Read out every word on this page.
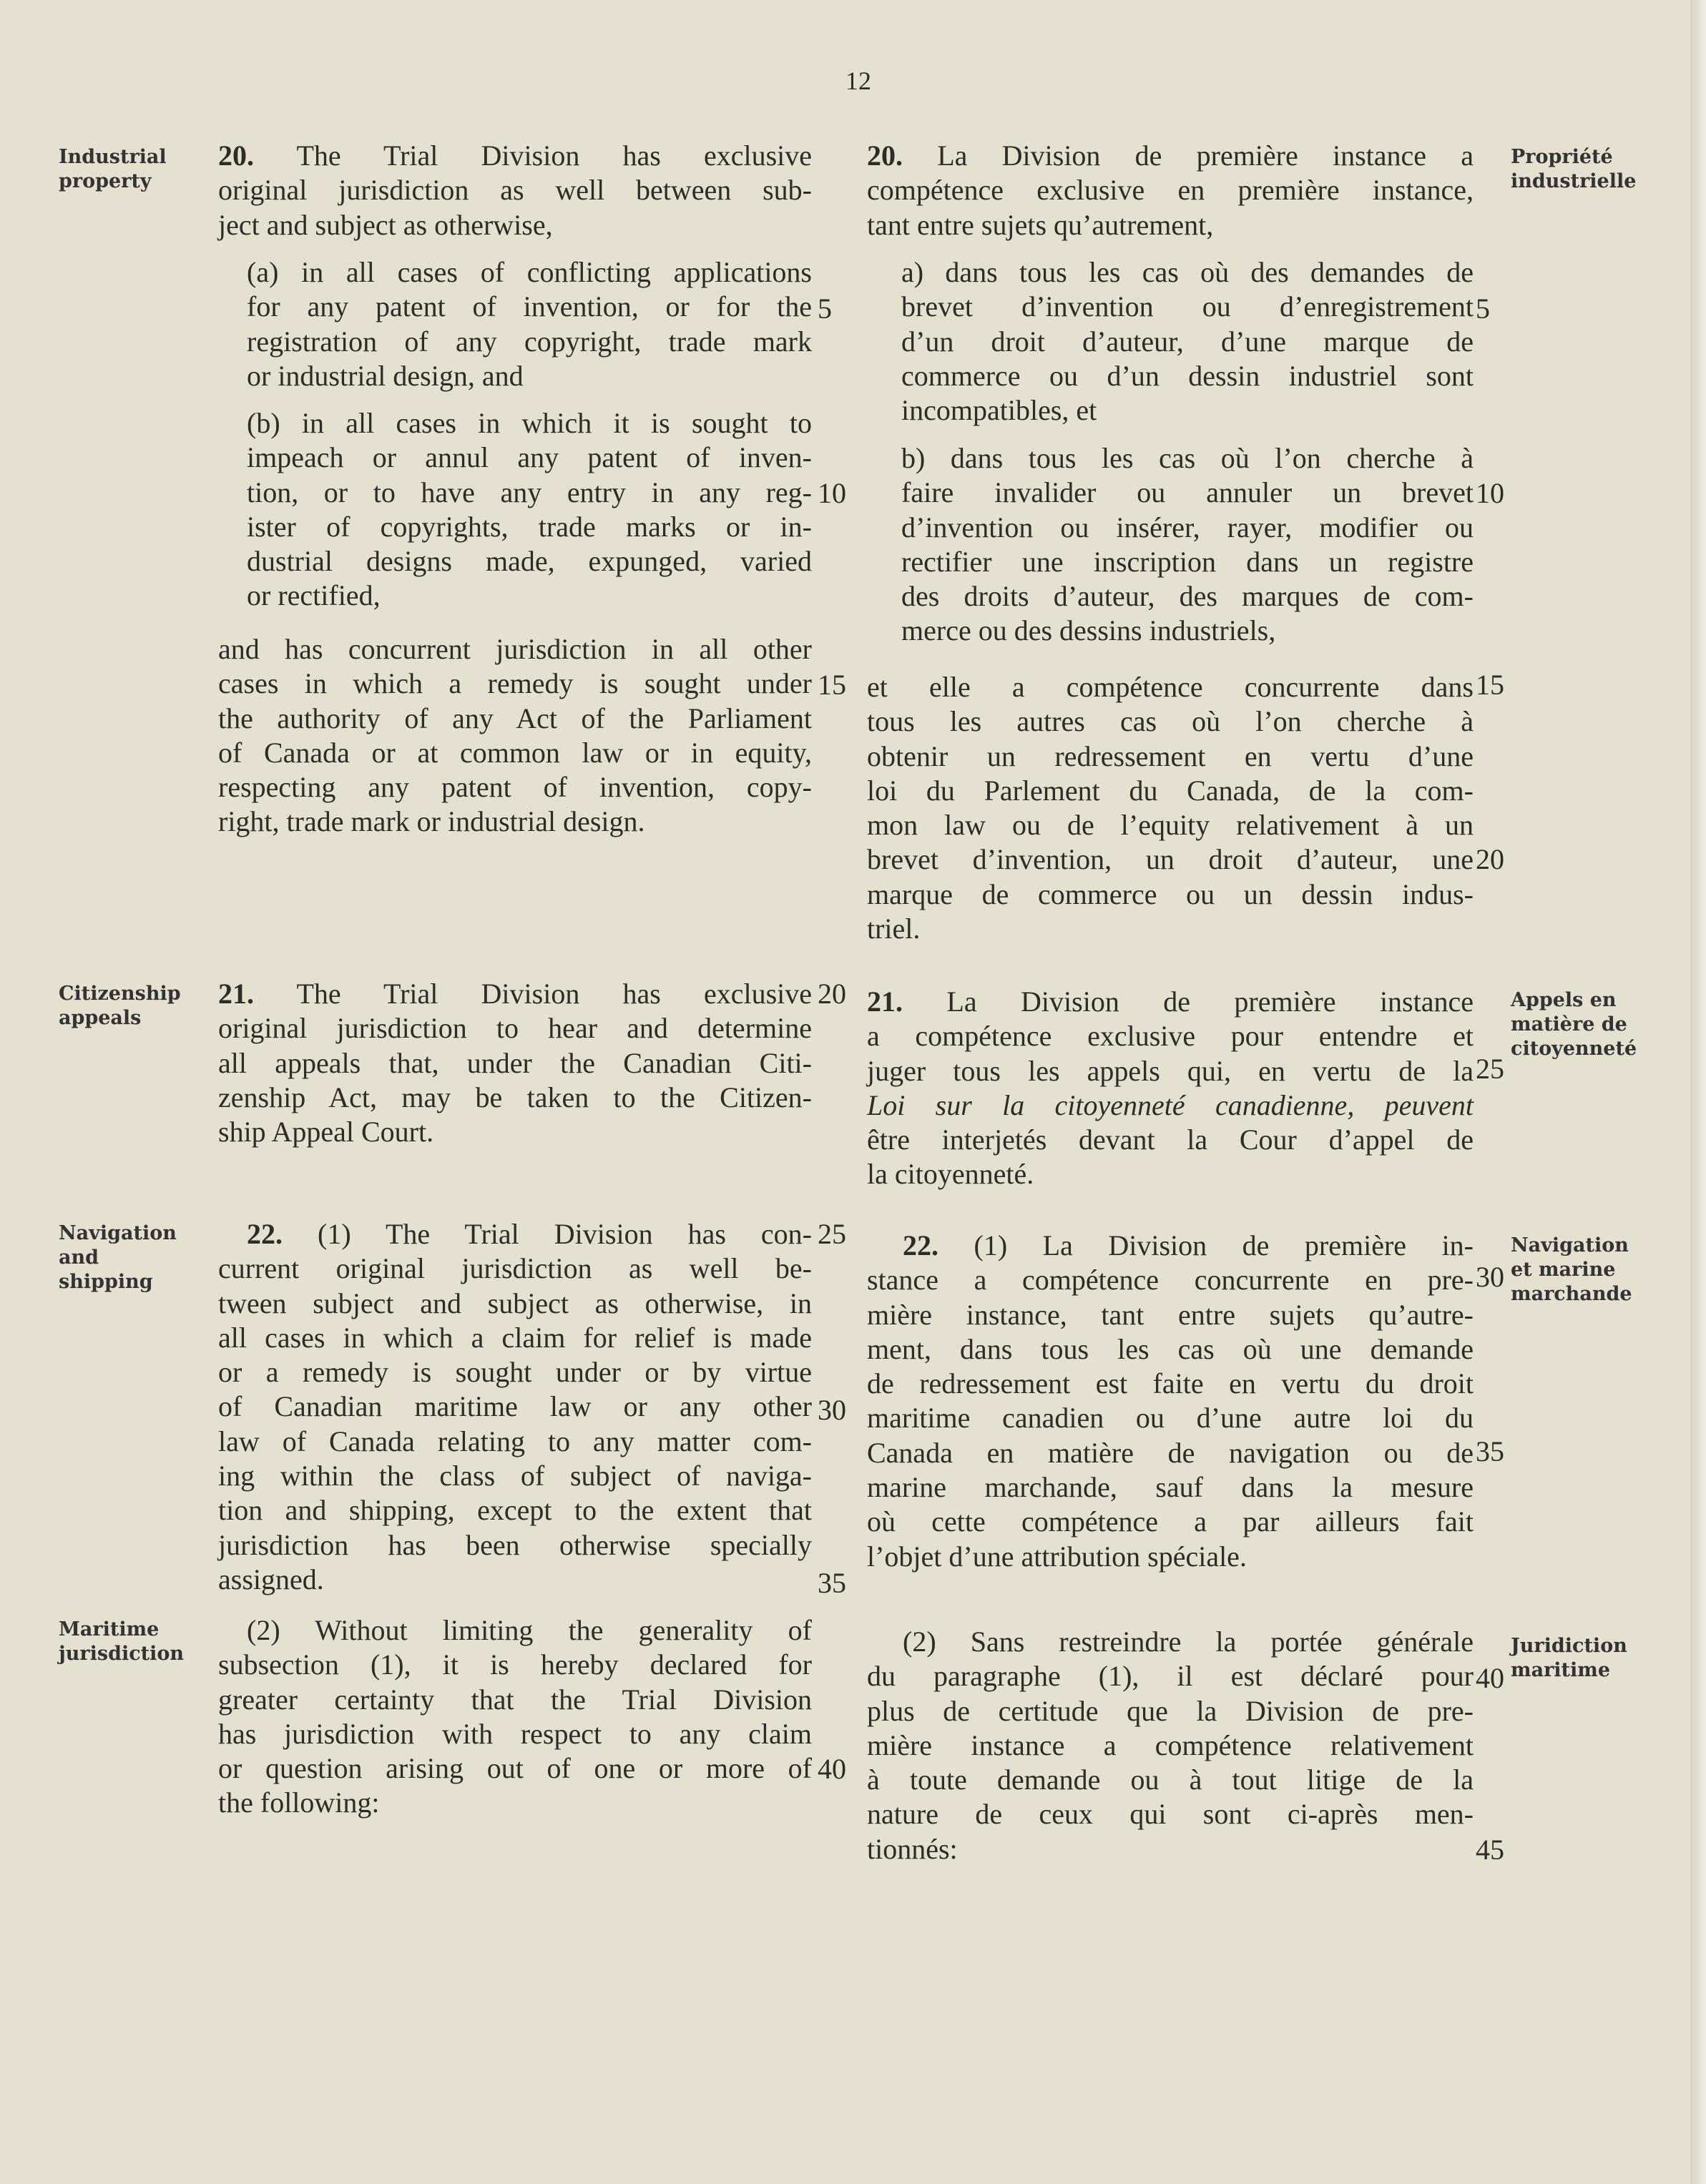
12
Industrial
property
Citizenship
appeals
Navigation
and
shipping
Maritime
jurisdiction
Propriété
industrielle
Appels en
matière de
citoyenneté
Navigation
et marine
marchande
Juridiction
maritime
20. The Trial Division has exclusive
original jurisdiction as well between sub-
ject and subject as otherwise,
(a) in all cases of conflicting applications
for any patent of invention, or for the
registration of any copyright, trade mark
or industrial design, and
(b) in all cases in which it is sought to
impeach or annul any patent of inven-
tion, or to have any entry in any reg-
ister of copyrights, trade marks or in-
dustrial designs made, expunged, varied
or rectified,
and has concurrent jurisdiction in all other
cases in which a remedy is sought under
the authority of any Act of the Parliament
of Canada or at common law or in equity,
respecting any patent of invention, copy-
right, trade mark or industrial design.
21. The Trial Division has exclusive
original jurisdiction to hear and determine
all appeals that, under the Canadian Citi-
zenship Act, may be taken to the Citizen-
ship Appeal Court.
22. (1) The Trial Division has con-
current original jurisdiction as well be-
tween subject and subject as otherwise, in
all cases in which a claim for relief is made
or a remedy is sought under or by virtue
of Canadian maritime law or any other
law of Canada relating to any matter com-
ing within the class of subject of naviga-
tion and shipping, except to the extent that
jurisdiction has been otherwise specially
assigned.
(2) Without limiting the generality of
subsection (1), it is hereby declared for
greater certainty that the Trial Division
has jurisdiction with respect to any claim
or question arising out of one or more of
the following:
5
10
15
20
25
30
35
40
20. La Division de première instance a
compétence exclusive en première instance,
tant entre sujets qu’autrement,
a) dans tous les cas où des demandes de
brevet d’invention ou d’enregistrement
d’un droit d’auteur, d’une marque de
commerce ou d’un dessin industriel sont
incompatibles, et
b) dans tous les cas où l’on cherche à
faire invalider ou annuler un brevet
d’invention ou insérer, rayer, modifier ou
rectifier une inscription dans un registre
des droits d’auteur, des marques de com-
merce ou des dessins industriels,
et elle a compétence concurrente dans
tous les autres cas où l’on cherche à
obtenir un redressement en vertu d’une
loi du Parlement du Canada, de la com-
mon law ou de l’equity relativement à un
brevet d’invention, un droit d’auteur, une
marque de commerce ou un dessin indus-
triel.
21. La Division de première instance
a compétence exclusive pour entendre et
juger tous les appels qui, en vertu de la
Loi sur la citoyenneté canadienne, peuvent
être interjetés devant la Cour d’appel de
la citoyenneté.
22. (1) La Division de première in-
stance a compétence concurrente en pre-
mière instance, tant entre sujets qu’autre-
ment, dans tous les cas où une demande
de redressement est faite en vertu du droit
maritime canadien ou d’une autre loi du
Canada en matière de navigation ou de
marine marchande, sauf dans la mesure
où cette compétence a par ailleurs fait
l’objet d’une attribution spéciale.
(2) Sans restreindre la portée générale
du paragraphe (1), il est déclaré pour
plus de certitude que la Division de pre-
mière instance a compétence relativement
à toute demande ou à tout litige de la
nature de ceux qui sont ci-après men-
tionnés:
5
10
15
20
25
30
35
40
45
